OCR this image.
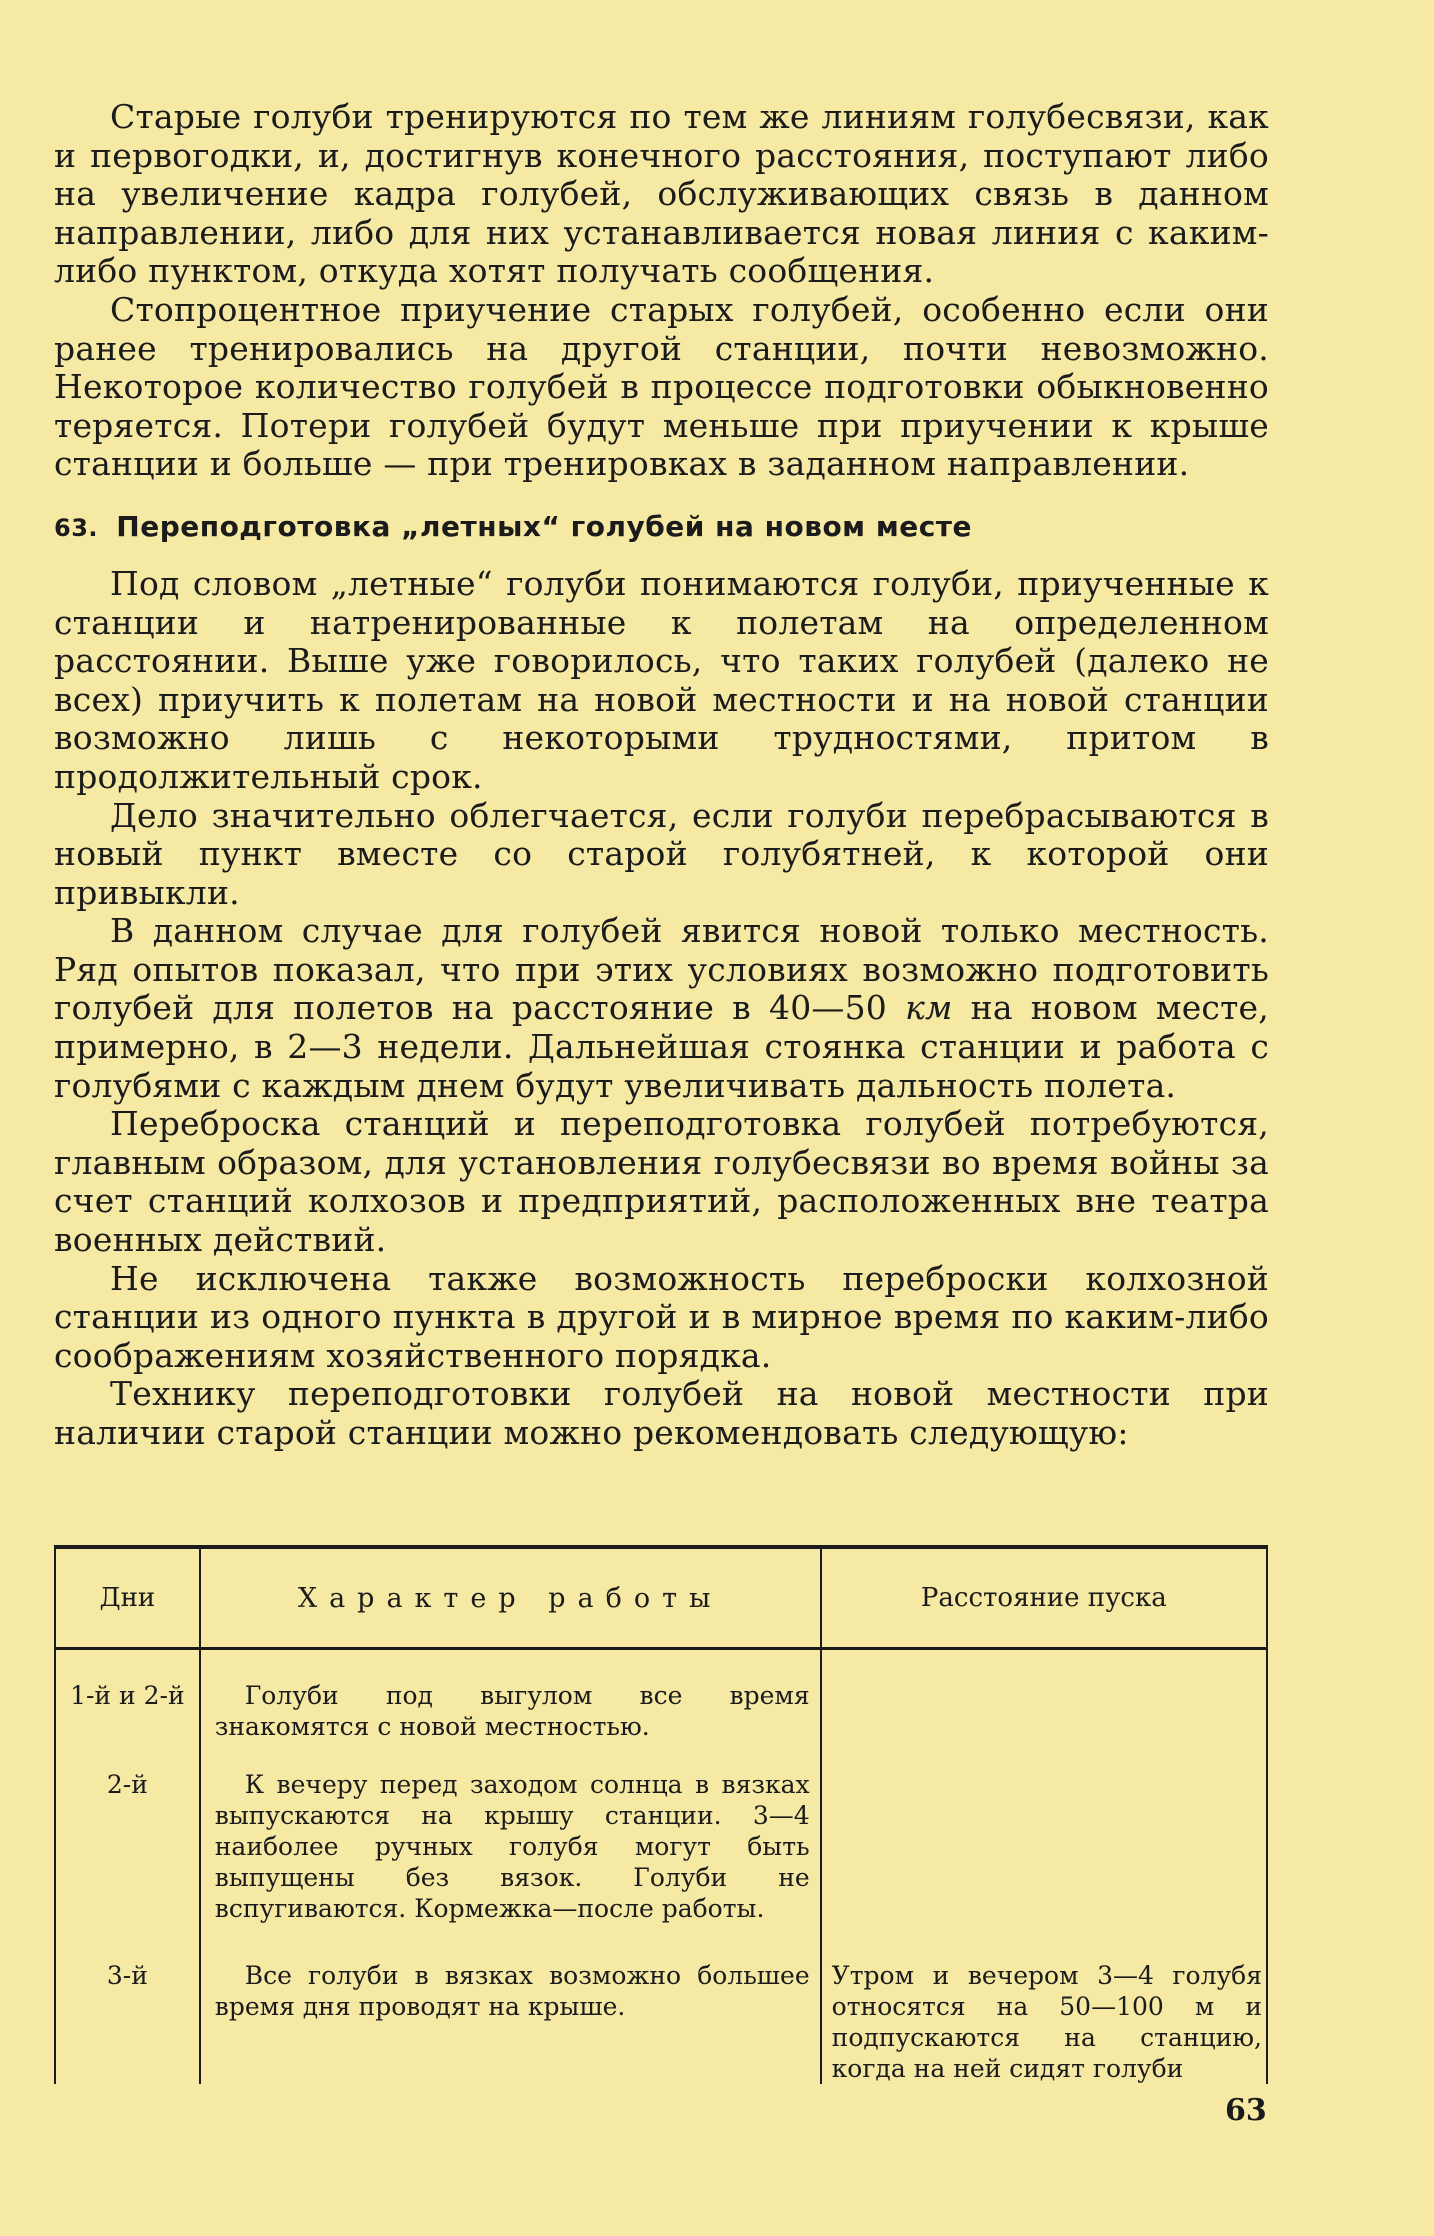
Старые голуби тренируются по тем же линиям голубесвязи, как и первогодки, и, достигнув конечного расстояния, поступают либо на увеличение кадра голубей, обслуживающих связь в данном направлении, либо для них устанавливается новая линия с каким-либо пунктом, откуда хотят получать сообщения.

Стопроцентное приучение старых голубей, особенно если они ранее тренировались на другой станции, почти невозможно. Некоторое количество голубей в процессе подготовки обыкновенно теряется. Потери голубей будут меньше при приучении к крыше станции и больше — при тренировках в заданном направлении.

63. Переподготовка „летных“ голубей на новом месте

Под словом „летные“ голуби понимаются голуби, приученные к станции и натренированные к полетам на определенном расстоянии. Выше уже говорилось, что таких голубей (далеко не всех) приучить к полетам на новой местности и на новой станции возможно лишь с некоторыми трудностями, притом в продолжительный срок.

Дело значительно облегчается, если голуби перебрасываются в новый пункт вместе со старой голубятней, к которой они привыкли.

В данном случае для голубей явится новой только местность. Ряд опытов показал, что при этих условиях возможно подготовить голубей для полетов на расстояние в 40—50 км на новом месте, примерно, в 2—3 недели. Дальнейшая стоянка станции и работа с голубями с каждым днем будут увеличивать дальность полета.

Переброска станций и переподготовка голубей потребуются, главным образом, для установления голубесвязи во время войны за счет станций колхозов и предприятий, расположенных вне театра военных действий.

Не исключена также возможность переброски колхозной станции из одного пункта в другой и в мирное время по каким-либо соображениям хозяйственного порядка.

Технику переподготовки голубей на новой местности при наличии старой станции можно рекомендовать следующую:

Дни	Характер работы	Расстояние пуска
1-й и 2-й	Голуби под выгулом все время знакомятся с новой местностью.	
2-й	К вечеру перед заходом солнца в вязках выпускаются на крышу станции. 3—4 наиболее ручных голубя могут быть выпущены без вязок. Голуби не вспугиваются. Кормежка—после работы.	
3-й	Все голуби в вязках возможно большее время дня проводят на крыше.	Утром и вечером 3—4 голубя относятся на 50—100 м и подпускаются на станцию, когда на ней сидят голуби
63
